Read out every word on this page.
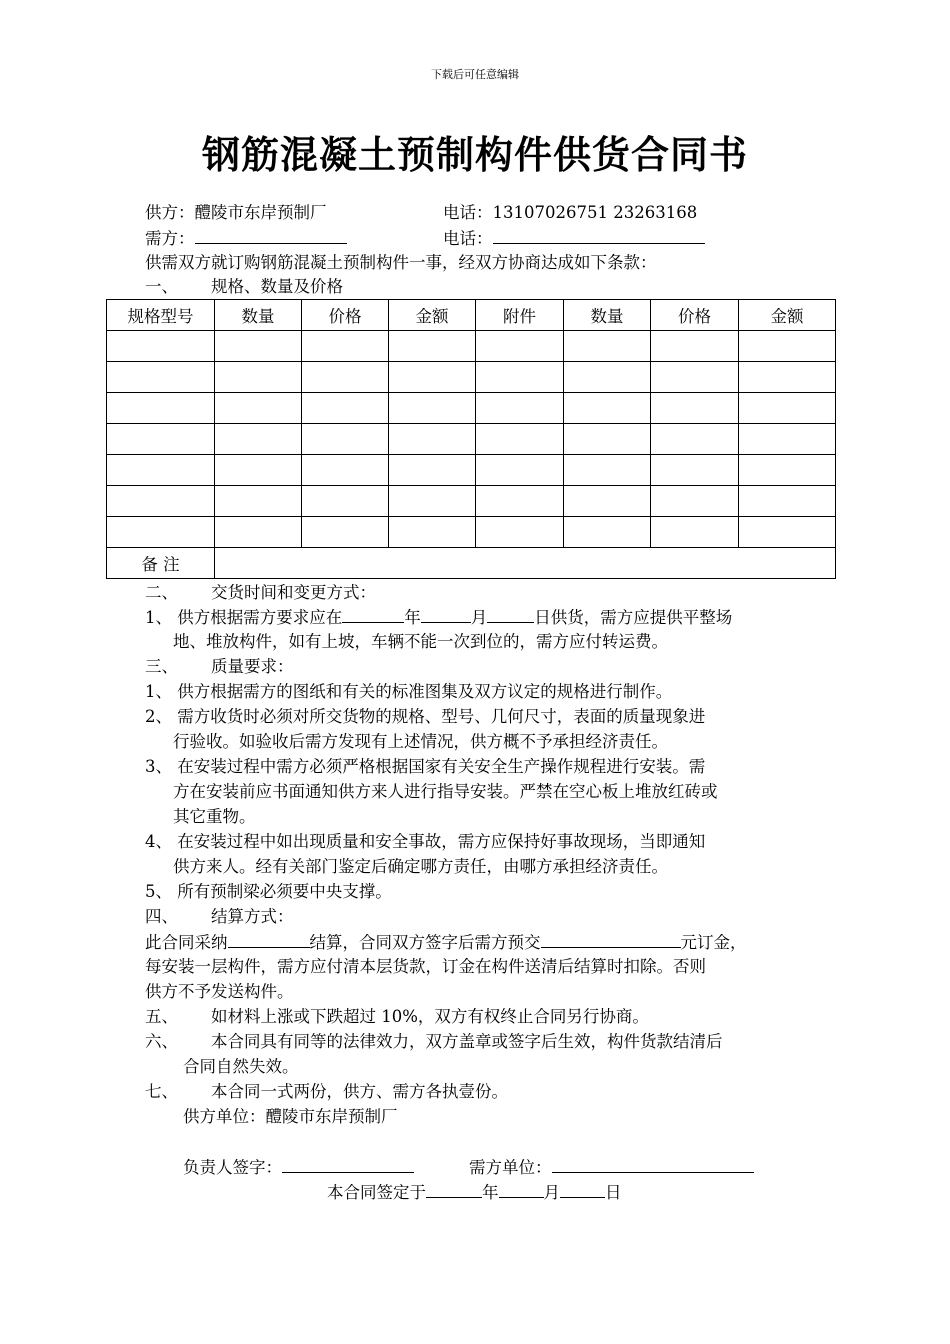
下载后可任意编辑
钢筋混凝土预制构件供货合同书
供方：醴陵市东岸预制厂	电话：13107026751 23263168
需方：	电话：
供需双方就订购钢筋混凝土预制构件一事，经双方协商达成如下条款：
一、 规格、数量及价格
规格型号	数量	价格	金额	附件	数量	价格	金额

备 注							
二、 交货时间和变更方式：
1、 供方根据需方要求应在	年	月	日供货，需方应提供平整场
地、堆放构件，如有上坡，车辆不能一次到位的，需方应付转运费。
三、 质量要求：
1、 供方根据需方的图纸和有关的标准图集及双方议定的规格进行制作。
2、 需方收货时必须对所交货物的规格、型号、几何尺寸，表面的质量现象进
行验收。如验收后需方发现有上述情况，供方概不予承担经济责任。
3、 在安装过程中需方必须严格根据国家有关安全生产操作规程进行安装。需
方在安装前应书面通知供方来人进行指导安装。严禁在空心板上堆放红砖或
其它重物。
4、 在安装过程中如出现质量和安全事故，需方应保持好事故现场，当即通知
供方来人。经有关部门鉴定后确定哪方责任，由哪方承担经济责任。
5、 所有预制梁必须要中央支撑。
四、 结算方式：
此合同采纳	结算，合同双方签字后需方预交	元订金，
每安装一层构件，需方应付清本层货款，订金在构件送清后结算时扣除。否则
供方不予发送构件。
五、 如材料上涨或下跌超过 10%，双方有权终止合同另行协商。
六、 本合同具有同等的法律效力，双方盖章或签字后生效，构件货款结清后
合同自然失效。
七、 本合同一式两份，供方、需方各执壹份。
供方单位：醴陵市东岸预制厂
负责人签字：	需方单位：
本合同签定于	年	月	日
